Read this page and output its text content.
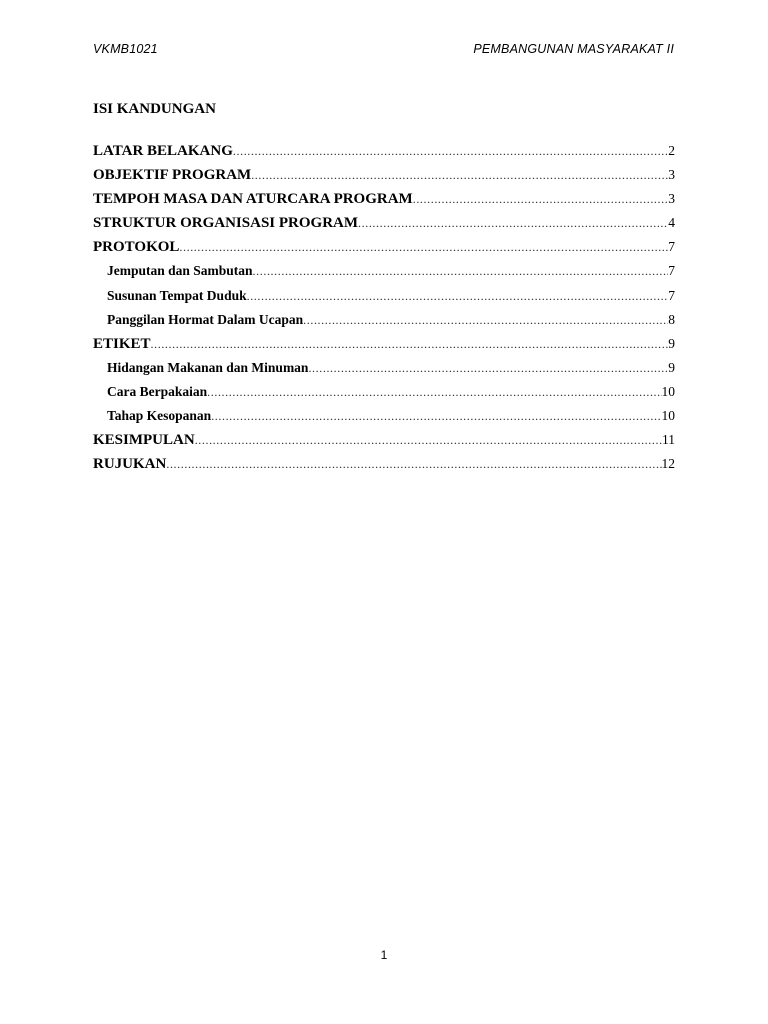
VKMB1021	PEMBANGUNAN MASYARAKAT II
ISI KANDUNGAN
LATAR BELAKANG .....	2
OBJEKTIF PROGRAM .....	3
TEMPOH MASA DAN ATURCARA PROGRAM .....	3
STRUKTUR ORGANISASI PROGRAM .....	4
PROTOKOL .....	7
Jemputan dan Sambutan .....	7
Susunan Tempat Duduk .....	7
Panggilan Hormat Dalam Ucapan .....	8
ETIKET .....	9
Hidangan Makanan dan Minuman .....	9
Cara Berpakaian .....	10
Tahap Kesopanan .....	10
KESIMPULAN .....	11
RUJUKAN .....	12
1
